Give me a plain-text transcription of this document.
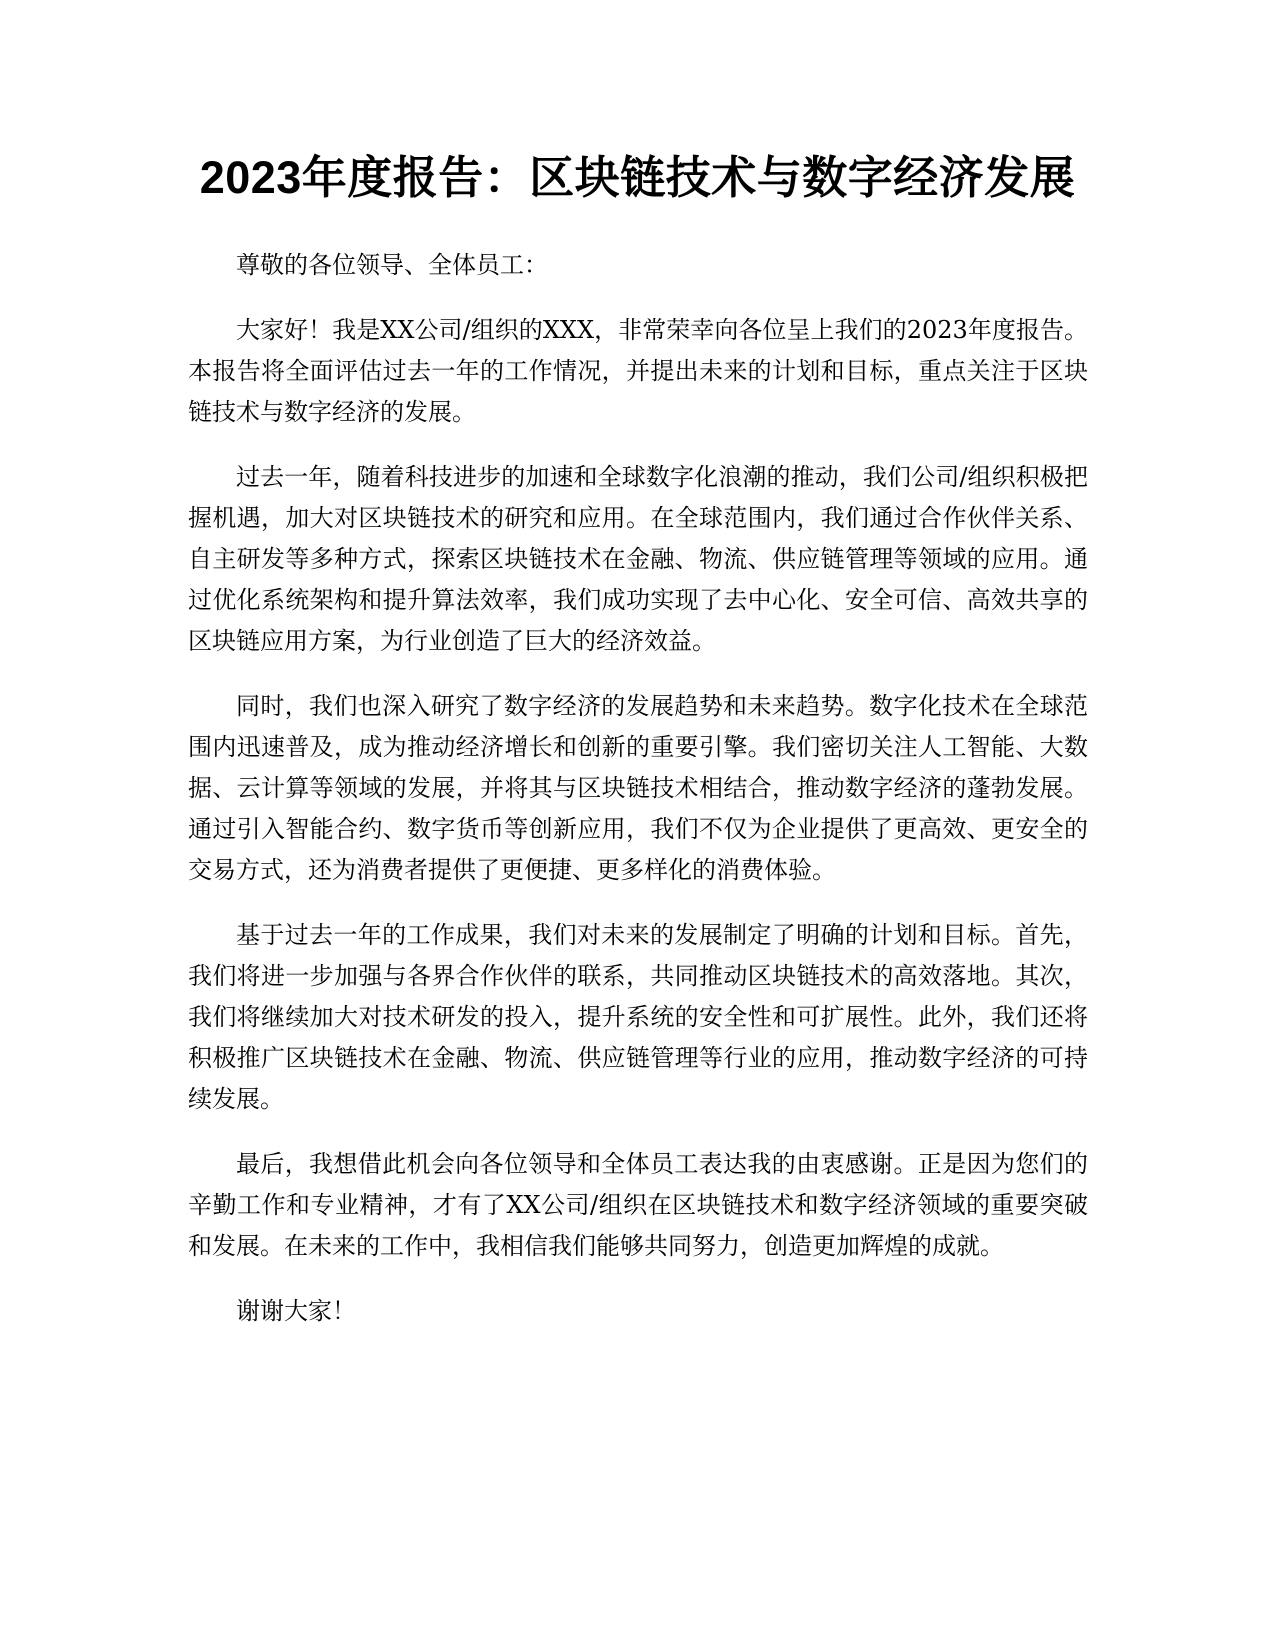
2023年度报告：区块链技术与数字经济发展

尊敬的各位领导、全体员工：

大家好！我是XX公司/组织的XXX，非常荣幸向各位呈上我们的2023年度报告。本报告将全面评估过去一年的工作情况，并提出未来的计划和目标，重点关注于区块链技术与数字经济的发展。

过去一年，随着科技进步的加速和全球数字化浪潮的推动，我们公司/组织积极把握机遇，加大对区块链技术的研究和应用。在全球范围内，我们通过合作伙伴关系、自主研发等多种方式，探索区块链技术在金融、物流、供应链管理等领域的应用。通过优化系统架构和提升算法效率，我们成功实现了去中心化、安全可信、高效共享的区块链应用方案，为行业创造了巨大的经济效益。

同时，我们也深入研究了数字经济的发展趋势和未来趋势。数字化技术在全球范围内迅速普及，成为推动经济增长和创新的重要引擎。我们密切关注人工智能、大数据、云计算等领域的发展，并将其与区块链技术相结合，推动数字经济的蓬勃发展。通过引入智能合约、数字货币等创新应用，我们不仅为企业提供了更高效、更安全的交易方式，还为消费者提供了更便捷、更多样化的消费体验。

基于过去一年的工作成果，我们对未来的发展制定了明确的计划和目标。首先，我们将进一步加强与各界合作伙伴的联系，共同推动区块链技术的高效落地。其次，我们将继续加大对技术研发的投入，提升系统的安全性和可扩展性。此外，我们还将积极推广区块链技术在金融、物流、供应链管理等行业的应用，推动数字经济的可持续发展。

最后，我想借此机会向各位领导和全体员工表达我的由衷感谢。正是因为您们的辛勤工作和专业精神，才有了XX公司/组织在区块链技术和数字经济领域的重要突破和发展。在未来的工作中，我相信我们能够共同努力，创造更加辉煌的成就。

谢谢大家！
